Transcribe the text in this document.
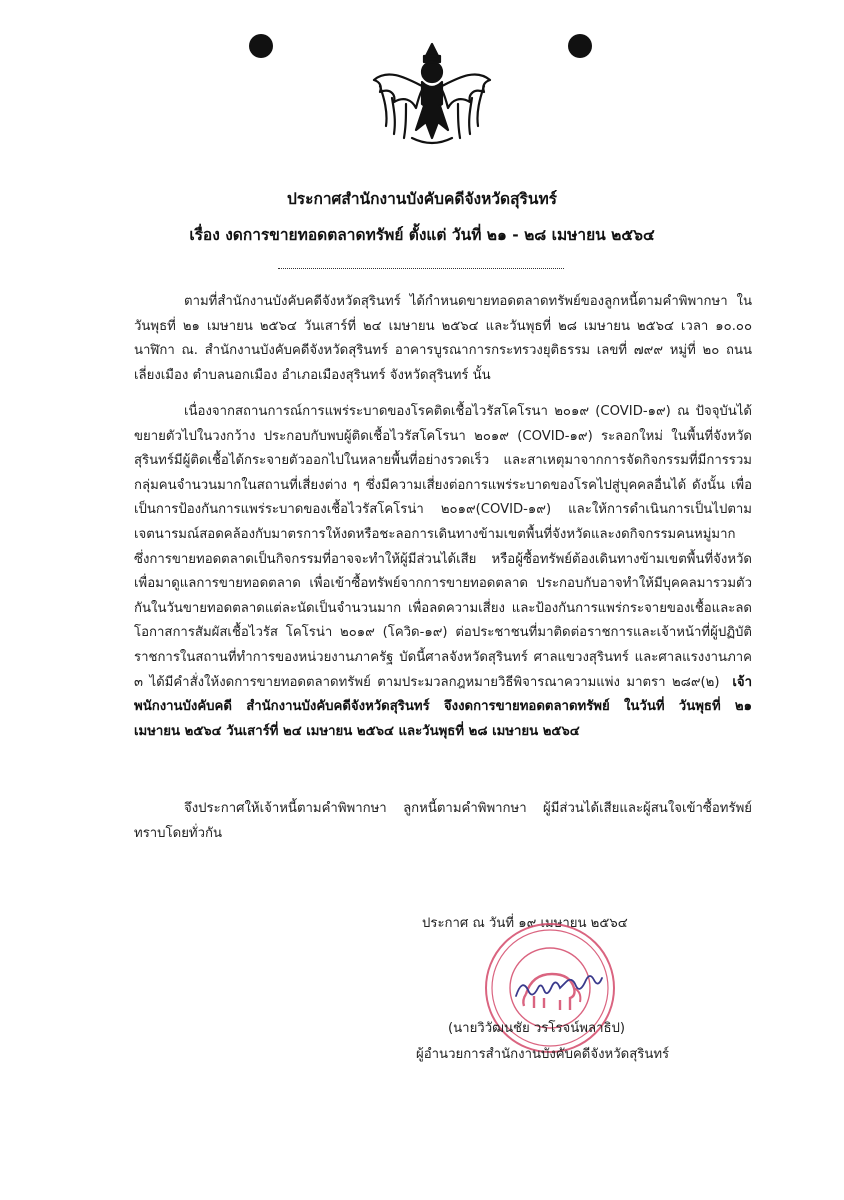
ประกาศสำนักงานบังคับคดีจังหวัดสุรินทร์
เรื่อง งดการขายทอดตลาดทรัพย์ ตั้งแต่ วันที่ ๒๑ - ๒๘ เมษายน ๒๕๖๔

ตามที่สำนักงานบังคับคดีจังหวัดสุรินทร์ ได้กำหนดขายทอดตลาดทรัพย์ของลูกหนี้ตามคำพิพากษา ในวันพุธที่ ๒๑ เมษายน ๒๕๖๔ วันเสาร์ที่ ๒๔ เมษายน ๒๕๖๔ และวันพุธที่ ๒๘ เมษายน ๒๕๖๔ เวลา ๑๐.๐๐ นาฬิกา ณ. สำนักงานบังคับคดีจังหวัดสุรินทร์ อาคารบูรณาการกระทรวงยุติธรรม เลขที่ ๗๙๙ หมู่ที่ ๒๐ ถนนเลี่ยงเมือง ตำบลนอกเมือง อำเภอเมืองสุรินทร์ จังหวัดสุรินทร์ นั้น

เนื่องจากสถานการณ์การแพร่ระบาดของโรคติดเชื้อไวรัสโคโรนา ๒๐๑๙ (COVID-๑๙) ณ ปัจจุบันได้ขยายตัวไปในวงกว้าง ประกอบกับพบผู้ติดเชื้อไวรัสโคโรนา ๒๐๑๙ (COVID-๑๙) ระลอกใหม่ ในพื้นที่จังหวัดสุรินทร์มีผู้ติดเชื้อได้กระจายตัวออกไปในหลายพื้นที่อย่างรวดเร็ว และสาเหตุมาจากการจัดกิจกรรมที่มีการรวมกลุ่มคนจำนวนมากในสถานที่เสี่ยงต่าง ๆ ซึ่งมีความเสี่ยงต่อการแพร่ระบาดของโรคไปสู่บุคคลอื่นได้ ดังนั้น เพื่อเป็นการป้องกันการแพร่ระบาดของเชื้อไวรัสโคโรน่า ๒๐๑๙(COVID-๑๙) และให้การดำเนินการเป็นไปตามเจตนารมณ์สอดคล้องกับมาตรการให้งดหรือชะลอการเดินทางข้ามเขตพื้นที่จังหวัดและงดกิจกรรมคนหมู่มาก ซึ่งการขายทอดตลาดเป็นกิจกรรมที่อาจจะทำให้ผู้มีส่วนได้เสีย หรือผู้ซื้อทรัพย์ต้องเดินทางข้ามเขตพื้นที่จังหวัดเพื่อมาดูแลการขายทอดตลาด เพื่อเข้าซื้อทรัพย์จากการขายทอดตลาด ประกอบกับอาจทำให้มีบุคคลมารวมตัวกันในวันขายทอดตลาดแต่ละนัดเป็นจำนวนมาก เพื่อลดความเสี่ยง และป้องกันการแพร่กระจายของเชื้อและลดโอกาสการสัมผัสเชื้อไวรัส โคโรน่า ๒๐๑๙ (โควิด-๑๙) ต่อประชาชนที่มาติดต่อราชการและเจ้าหน้าที่ผู้ปฏิบัติราชการในสถานที่ทำการของหน่วยงานภาครัฐ บัดนี้ศาลจังหวัดสุรินทร์ ศาลแขวงสุรินทร์ และศาลแรงงานภาค ๓ ได้มีคำสั่งให้งดการขายทอดตลาดทรัพย์ ตามประมวลกฎหมายวิธีพิจารณาความแพ่ง มาตรา ๒๘๙(๒) เจ้าพนักงานบังคับคดี สำนักงานบังคับคดีจังหวัดสุรินทร์ จึงงดการขายทอดตลาดทรัพย์ ในวันที่ วันพุธที่ ๒๑ เมษายน ๒๕๖๔ วันเสาร์ที่ ๒๔ เมษายน ๒๕๖๔ และวันพุธที่ ๒๘ เมษายน ๒๕๖๔

จึงประกาศให้เจ้าหนี้ตามคำพิพากษา ลูกหนี้ตามคำพิพากษา ผู้มีส่วนได้เสียและผู้สนใจเข้าซื้อทรัพย์ทราบโดยทั่วกัน

ประกาศ ณ วันที่ ๑๙ เมษายน ๒๕๖๔
(นายวิวัฒนชัย วรโรจน์พลาธิป)
ผู้อำนวยการสำนักงานบังคับคดีจังหวัดสุรินทร์
